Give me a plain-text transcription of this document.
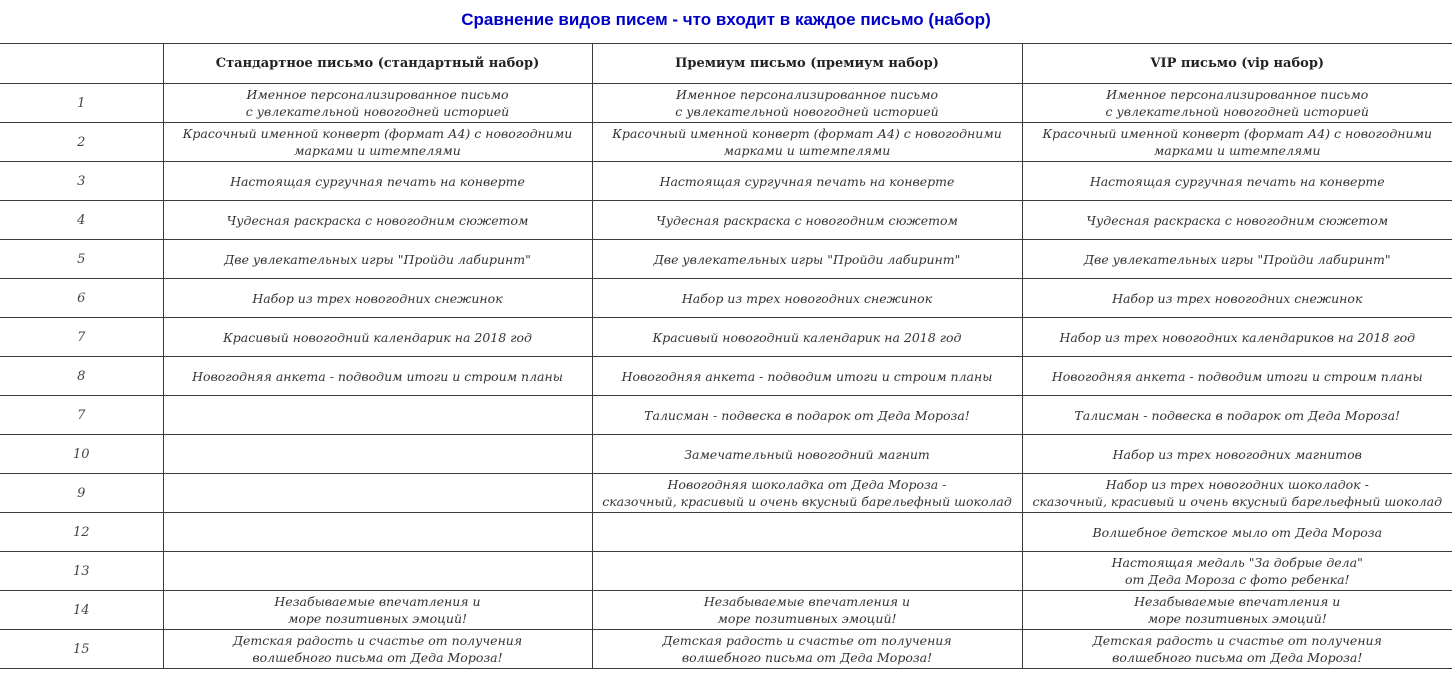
Сравнение видов писем - что входит в каждое письмо (набор)
	Стандартное письмо (стандартный набор)	Премиум письмо (премиум набор)	VIP письмо (vip набор)
1	Именное персонализированное письмо
с увлекательной новогодней историей	Именное персонализированное письмо
с увлекательной новогодней историей	Именное персонализированное письмо
с увлекательной новогодней историей

2	Красочный именной конверт (формат А4) с новогодними
марками и штемпелями	Красочный именной конверт (формат А4) с новогодними
марками и штемпелями	Красочный именной конверт (формат А4) с новогодними
марками и штемпелями

3	Настоящая сургучная печать на конверте	Настоящая сургучная печать на конверте	Настоящая сургучная печать на конверте

4	Чудесная раскраска с новогодним сюжетом	Чудесная раскраска с новогодним сюжетом	Чудесная раскраска с новогодним сюжетом

5	Две увлекательных игры "Пройди лабиринт"	Две увлекательных игры "Пройди лабиринт"	Две увлекательных игры "Пройди лабиринт"

6	Набор из трех новогодних снежинок	Набор из трех новогодних снежинок	Набор из трех новогодних снежинок

7	Красивый новогодний календарик на 2018 год	Красивый новогодний календарик на 2018 год	Набор из трех новогодних календариков на 2018 год

8	Новогодняя анкета - подводим итоги и строим планы	Новогодняя анкета - подводим итоги и строим планы	Новогодняя анкета - подводим итоги и строим планы

7		Талисман - подвеска в подарок от Деда Мороза!	Талисман - подвеска в подарок от Деда Мороза!

10		Замечательный новогодний магнит	Набор из трех новогодних магнитов

9		Новогодняя шоколадка от Деда Мороза -
сказочный, красивый и очень вкусный барельефный шоколад	Набор из трех новогодних шоколадок -
сказочный, красивый и очень вкусный барельефный шоколад

12			Волшебное детское мыло от Деда Мороза

13			Настоящая медаль "За добрые дела"
от Деда Мороза с фото ребенка!

14	Незабываемые впечатления и
море позитивных эмоций!	Незабываемые впечатления и
море позитивных эмоций!	Незабываемые впечатления и
море позитивных эмоций!

15	Детская радость и счастье от получения
волшебного письма от Деда Мороза!	Детская радость и счастье от получения
волшебного письма от Деда Мороза!	Детская радость и счастье от получения
волшебного письма от Деда Мороза!
